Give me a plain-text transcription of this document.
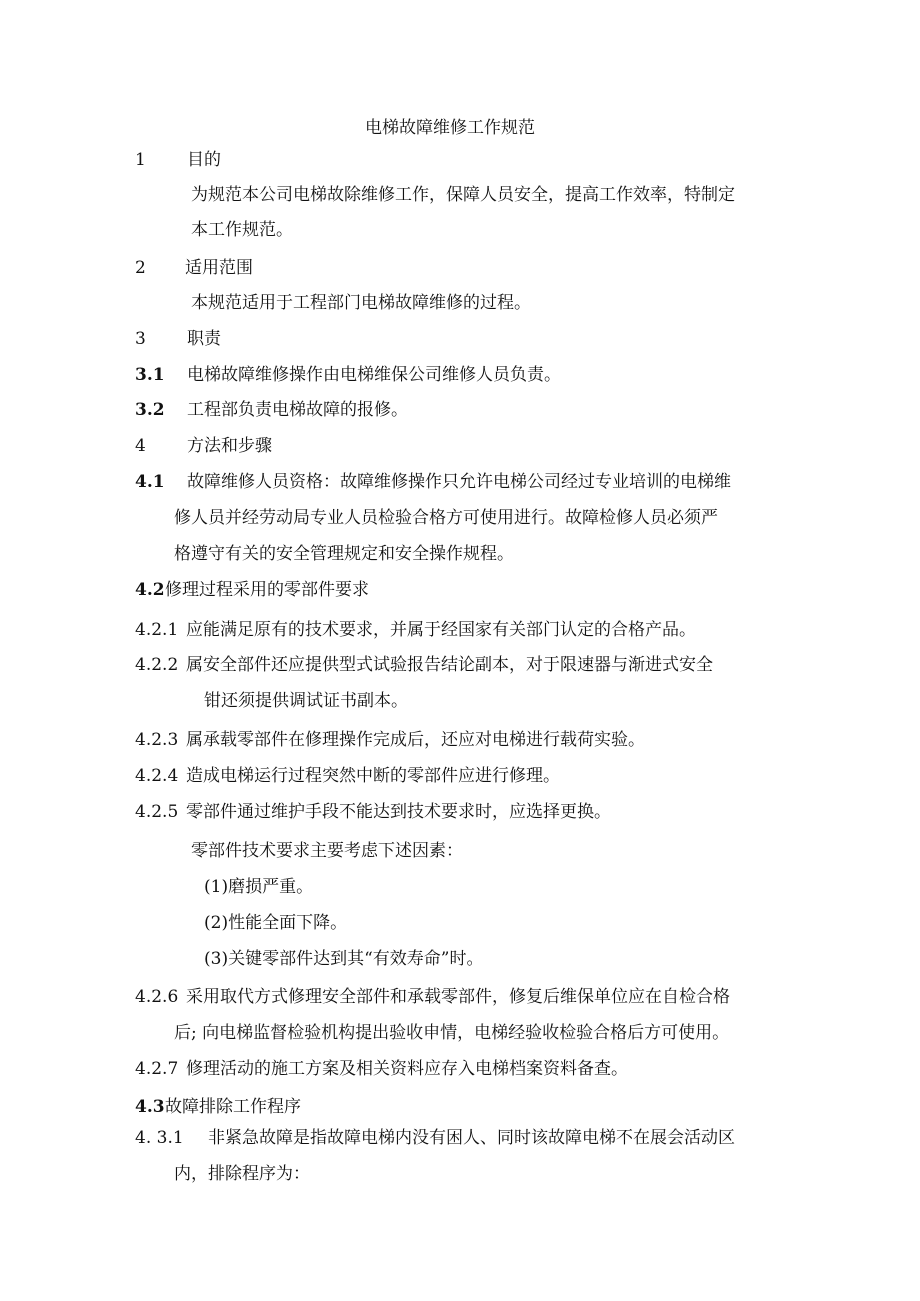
电梯故障维修工作规范
1 目的
为规范本公司电梯故除维修工作，保障人员安全，提高工作效率，特制定
本工作规范。
2 适用范围
本规范适用于工程部门电梯故障维修的过程。
3 职责
3.1 电梯故障维修操作由电梯维保公司维修人员负责。
3.2 工程部负责电梯故障的报修。
4 方法和步骤
4.1 故障维修人员资格：故障维修操作只允许电梯公司经过专业培训的电梯维
修人员并经劳动局专业人员检验合格方可使用进行。故障检修人员必须严
格遵守有关的安全管理规定和安全操作规程。
4.2 修理过程采用的零部件要求
4.2.1 应能满足原有的技术要求，并属于经国家有关部门认定的合格产品。
4.2.2 属安全部件还应提供型式试验报告结论副本，对于限速器与渐进式安全
钳还须提供调试证书副本。
4.2.3 属承载零部件在修理操作完成后，还应对电梯进行载荷实验。
4.2.4 造成电梯运行过程突然中断的零部件应进行修理。
4.2.5 零部件通过维护手段不能达到技术要求时，应选择更换。
零部件技术要求主要考虑下述因素：
(1)磨损严重。
(2)性能全面下降。
(3)关键零部件达到其“有效寿命”时。
4.2.6 采用取代方式修理安全部件和承载零部件，修复后维保单位应在自检合格
后; 向电梯监督检验机构提出验收申情，电梯经验收检验合格后方可使用。
4.2.7 修理活动的施工方案及相关资料应存入电梯档案资料备查。
4.3 故障排除工作程序
4. 3.1 非紧急故障是指故障电梯内没有困人、同时该故障电梯不在展会活动区
内，排除程序为：
